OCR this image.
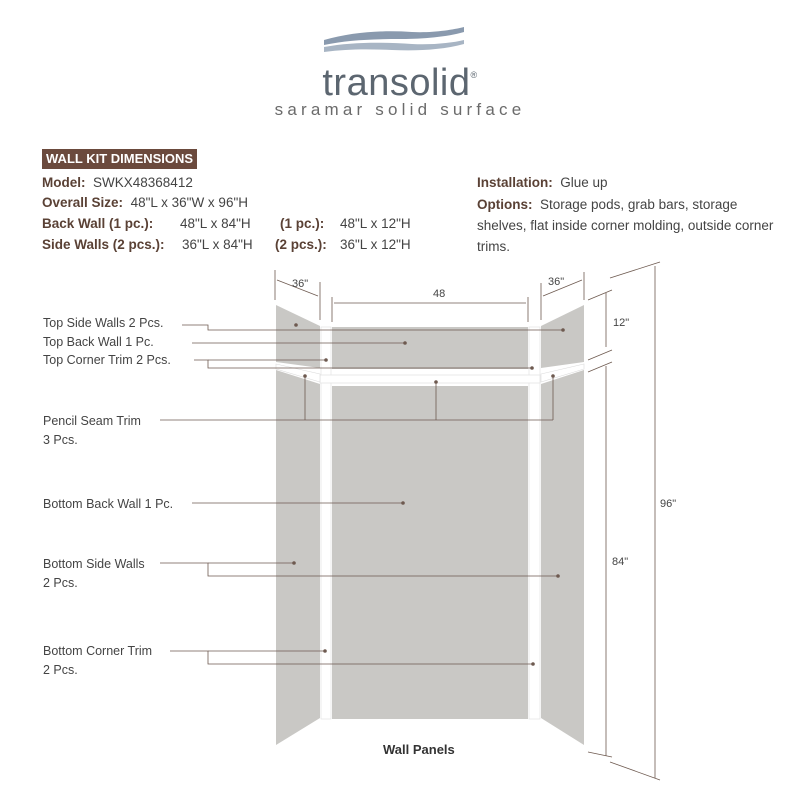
transolid®
saramar solid surface
WALL KIT DIMENSIONS
Model: SWKX48368412
Overall Size: 48"L x 36"W x 96"H
Back Wall (1 pc.): 48"L x 84"H (1 pc.): 48"L x 12"H
Side Walls (2 pcs.): 36"L x 84"H (2 pcs.): 36"L x 12"H
Installation: Glue up
Options: Storage pods, grab bars, storage shelves, flat inside corner molding, outside corner trims.
36"
48
36"
12"
84"
96"
Top Side Walls 2 Pcs.
Top Back Wall 1 Pc.
Top Corner Trim 2 Pcs.
Pencil Seam Trim
3 Pcs.
Bottom Back Wall 1 Pc.
Bottom Side Walls
2 Pcs.
Bottom Corner Trim
2 Pcs.
Wall Panels
